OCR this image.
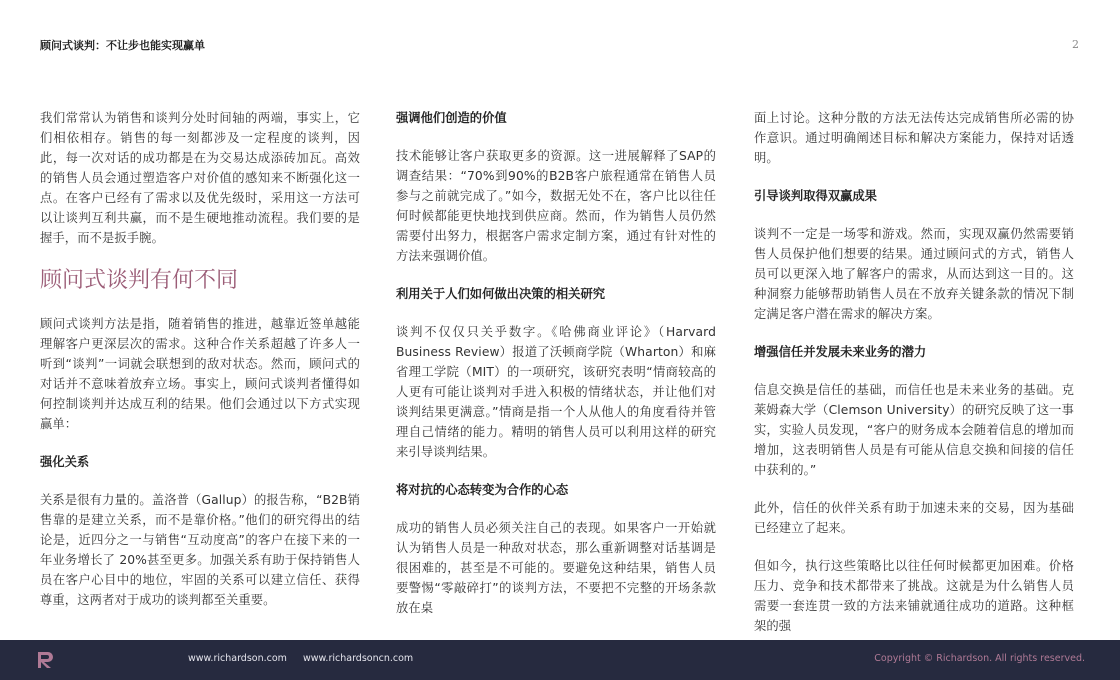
顾问式谈判：不让步也能实现赢单	2

我们常常认为销售和谈判分处时间轴的两端，事实上，它们相依相存。销售的每一刻都涉及一定程度的谈判，因此，每一次对话的成功都是在为交易达成添砖加瓦。高效的销售人员会通过塑造客户对价值的感知来不断强化这一点。在客户已经有了需求以及优先级时，采用这一方法可以让谈判互利共赢，而不是生硬地推动流程。我们要的是握手，而不是扳手腕。

顾问式谈判有何不同

顾问式谈判方法是指，随着销售的推进，越靠近签单越能理解客户更深层次的需求。这种合作关系超越了许多人一听到“谈判”一词就会联想到的敌对状态。然而，顾问式的对话并不意味着放弃立场。事实上，顾问式谈判者懂得如何控制谈判并达成互利的结果。他们会通过以下方式实现赢单：

强化关系

关系是很有力量的。盖洛普（Gallup）的报告称，“B2B销售靠的是建立关系，而不是靠价格。”他们的研究得出的结论是，近四分之一与销售“互动度高”的客户在接下来的一年业务增长了 20%甚至更多。加强关系有助于保持销售人员在客户心目中的地位，牢固的关系可以建立信任、获得尊重，这两者对于成功的谈判都至关重要。

强调他们创造的价值

技术能够让客户获取更多的资源。这一进展解释了SAP的调查结果：“70%到90%的B2B客户旅程通常在销售人员参与之前就完成了。”如今，数据无处不在，客户比以往任何时候都能更快地找到供应商。然而，作为销售人员仍然需要付出努力，根据客户需求定制方案，通过有针对性的方法来强调价值。

利用关于人们如何做出决策的相关研究

谈判不仅仅只关乎数字。《哈佛商业评论》（Harvard Business Review）报道了沃顿商学院（Wharton）和麻省理工学院（MIT）的一项研究，该研究表明“情商较高的人更有可能让谈判对手进入积极的情绪状态，并让他们对谈判结果更满意。”情商是指一个人从他人的角度看待并管理自己情绪的能力。精明的销售人员可以利用这样的研究来引导谈判结果。

将对抗的心态转变为合作的心态

成功的销售人员必须关注自己的表现。如果客户一开始就认为销售人员是一种敌对状态，那么重新调整对话基调是很困难的，甚至是不可能的。要避免这种结果，销售人员要警惕“零敲碎打”的谈判方法，不要把不完整的开场条款放在桌

面上讨论。这种分散的方法无法传达完成销售所必需的协作意识。通过明确阐述目标和解决方案能力，保持对话透明。

引导谈判取得双赢成果

谈判不一定是一场零和游戏。然而，实现双赢仍然需要销售人员保护他们想要的结果。通过顾问式的方式，销售人员可以更深入地了解客户的需求，从而达到这一目的。这种洞察力能够帮助销售人员在不放弃关键条款的情况下制定满足客户潜在需求的解决方案。

增强信任并发展未来业务的潜力

信息交换是信任的基础，而信任也是未来业务的基础。克莱姆森大学（Clemson University）的研究反映了这一事实，实验人员发现，“客户的财务成本会随着信息的增加而增加，这表明销售人员是有可能从信息交换和间接的信任中获利的。”

此外，信任的伙伴关系有助于加速未来的交易，因为基础已经建立了起来。

但如今，执行这些策略比以往任何时候都更加困难。价格压力、竞争和技术都带来了挑战。这就是为什么销售人员需要一套连贯一致的方法来铺就通往成功的道路。这种框架的强

www.richardson.com www.richardsoncn.com	Copyright © Richardson. All rights reserved.
